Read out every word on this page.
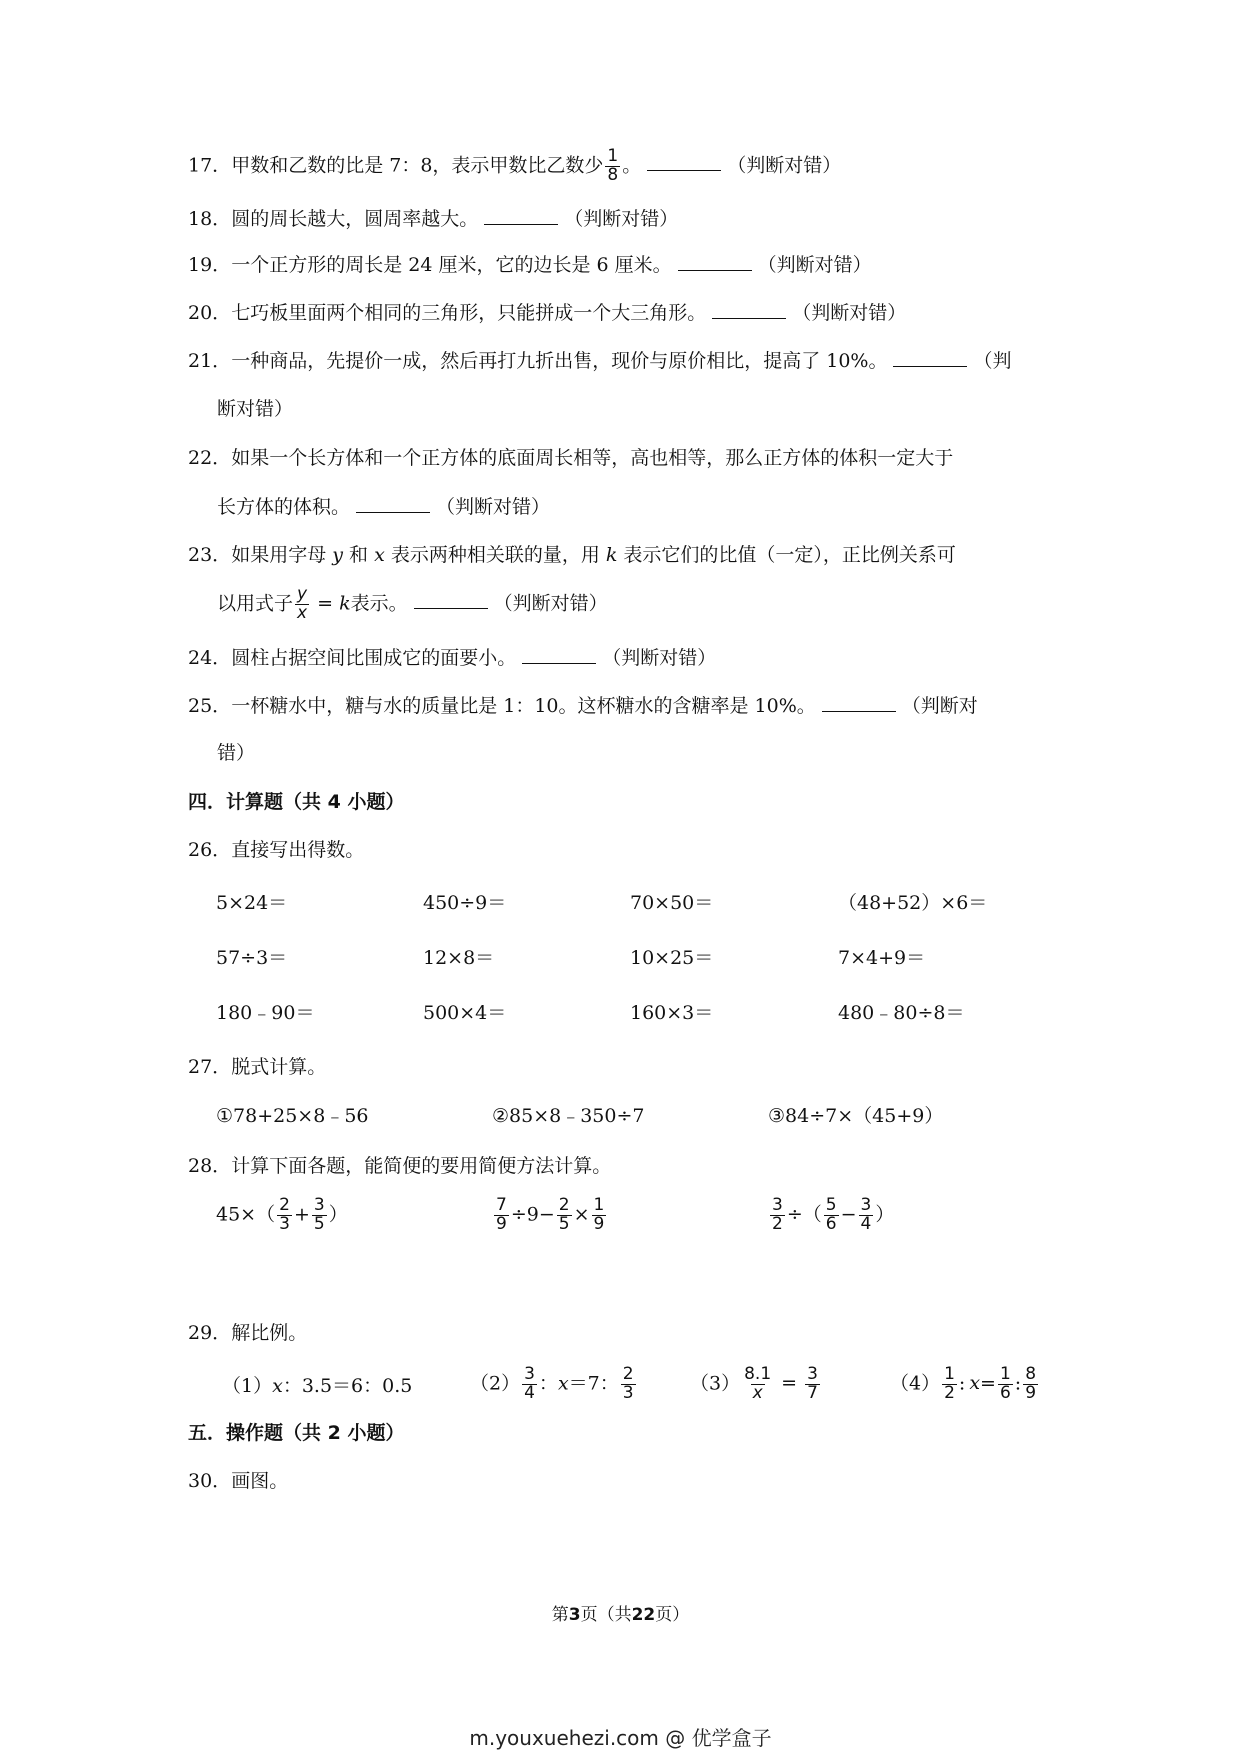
17．甲数和乙数的比是 7：8，表示甲数比乙数少 $\frac{1}{8}$ 。	（判断对错）
18．圆的周长越大，圆周率越大。	（判断对错）
19．一个正方形的周长是 24 厘米，它的边长是 6 厘米。	（判断对错）
20．七巧板里面两个相同的三角形，只能拼成一个大三角形。	（判断对错）
21．一种商品，先提价一成，然后再打九折出售，现价与原价相比，提高了 10%。	（判
断对错）
22．如果一个长方体和一个正方体的底面周长相等，高也相等，那么正方体的体积一定大于
长方体的体积。	（判断对错）
23．如果用字母 y 和 x 表示两种相关联的量，用 k 表示它们的比值（一定），正比例关系可
以用式子 $\frac{y}{x} = k$表示。	（判断对错）
24．圆柱占据空间比围成它的面要小。	（判断对错）
25．一杯糖水中，糖与水的质量比是 1：10。这杯糖水的含糖率是 10%。	（判断对
错）
四．计算题（共 4 小题）
26．直接写出得数。
5×24＝	450÷9＝	70×50＝	（48+52）×6＝
57÷3＝	12×8＝	10×25＝	7×4+9＝
180﹣90＝	500×4＝	160×3＝	480﹣80÷8＝
27．脱式计算。
①78+25×8﹣56	②85×8﹣350÷7	③84÷7×（45+9）
28．计算下面各题，能简便的要用简便方法计算。
$45\times( \frac{2}{3} + \frac{3}{5}$ ）	$\frac{7}{9} \div 9- \frac{2}{5} \times \frac{1}{9}$	$\frac{3}{2}$ ÷（ $\frac{5}{6} - \frac{3}{4}$ ）
29．解比例。
（1）x：3.5＝6：0.5	$(2) \frac{3}{4}$ ：x＝7： $\frac{2}{3}$	$(3) \frac{8.1}{x} = \frac{3}{7}$	$(4) \frac{1}{2}$ : $x= \frac{1}{6}$ : $\frac{8}{9}$
五．操作题（共 2 小题）
30．画图。
第3页（共22页）
m.youxuehezi.com @ 优学盒子
